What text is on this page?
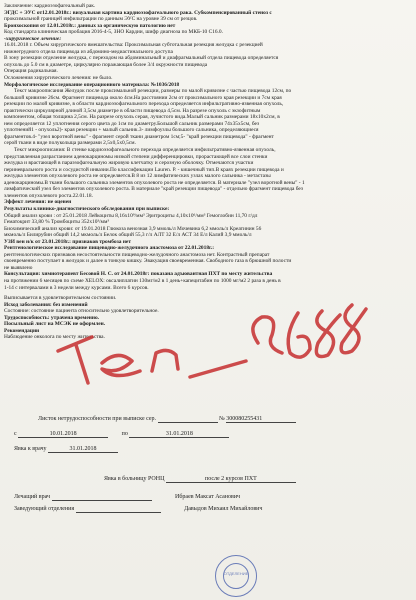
Заключение: кардиоэзофагеальный рак.
ЭГДС + ЭУС от12.01.2018г.: визуальная картина кардиоэзофагеального рака. Субкомпенсированный стеноз с
проксимальной границей инфильтрации по данным ЭУС на уровне 39 см от резцов.
Бронхоскопия от 12.01.2018г.: данных за органическую патологию нет
Код стандарта клиническая пробация 2016-4-5, ЗНО Кардии, шифр диагноза по МКБ-10 С16.0.
-хирургическое лечение:
16.01.2018 г. Объем хирургического вмешательства: Проксимальная субтотальная резекция желудка с резекцией
нижнегрудного отдела пищевода из абдомино-медиастинального доступа
В зону резекции отделение желудка, с переходом на абдоминальный и диафрагмальный отдела пищевода определяется
опухоль до 5.0 см в диаметре, циркулярно поражающая более 3/4 окружности пищевода
Операция радикальная.
Осложнения хирургического лечения: не было.
Морфологическое исследование операционного материала: №1036/2018
Текст макроописания Желудок после проксимальной резекции, размеры по малой кривизне с частью пищевода 12см, по
большой кривизне 26см. Фрагмент пищевода около 4см.На расстоянии 2см от проксимального края резекции и 7см края
резекции по малой кривизне, в области кардиоэзофагеального перехода определяется инфильтративно-язвенная опухоль,
практически циркулярной длиной 3,5см диаметре в области пищевода 4,5см. На разрезе опухоль с экзофитным
компонентом, общая толщина 2,5см. На разрезе опухоль серая, лучистого вида.Малый сальник размерами 18х10х2см, в
нем определяется 12 уплотнения серого цвета до 1см по диаметру.Большой сальник размерами 74х35х5см, без
уплотнений1 - опухоль2)- края резекции + малый сальник.3- лимфоузлы большого сальника, определяющиеся
фрагментов.4- "узел воротной вены" - фрагмент серой ткани диаметром 1см;5- "край резекции пищевода" - фрагмент
серой ткани в виде полуколыца размерами 2,5х0,5х0,5см.
Текст микроописания: В стенке кардиоэзофагеального перехода определяется инфильтративно-язвенная опухоль,
представленная разрастанием аденокарциномы низкой степени дифференцировки, прорастающей все слои стенки
желудка и врастающей в параэзофагеальную жировую клетчатку и серозную оболочку. Отмечаются участки
периневрального роста и сосудистой инвазии.По классификации Lauren. Р. - кишечный тип.В краях резекции пищевода и
желудка элементов опухолевого роста не определяется.В 8 из 12 лимфатических узлах малого сальника - метастазы
аденокарциномы.В ткани большого сальника элементов опухолевого роста не определяется. В материале "узел воротной вены" - 1
лимфатический узел без элементов опухолевого роста. В материале "край резекции пищевода" - отдельно фрагмент пищевода без
элементов опухолевого роста.22.01.18.
Эффект лечения: не оценен
Результаты клинико-диагностического обследования при выписке:
Общий анализ крови : от 25.01.2018 Лейкоциты 8,16х10⁹/мм³ Эритроциты 4,10х10⁶/мм³ Гемоглобин 11,70 г/дл
Гематокрит 33,80 % Тромбоциты 352х10³/мм³
Биохимический анализ крови: от 19.01.2018 Глюкоза венозная 3,9 ммоль/л Мочевина 6,2 ммоль/л Креатинин 56
мкмоль/л Билирубин общий 14,2 мкмоль/л Белок общий 55,3 г/л АЛТ 32 Е/л АСТ 34 Е/л Калий 3,9 ммоль/л
УЗИ вен н/к от 23.01.2018г.: признаков тромбоза нет
Рентгенологическое исследование пищеводно-желудочного анастомоза от 22.01.2018г.:
рентгенологических признаков несостоятельности пищеводно-желудочного анастомоза нет. Контрастный препарат
своевременно поступает в желудок и далее в тонкую кишку. Эвакуация своевременная. Свободного газа в брюшной полости
не выявлено
Консультация: химиотерапевт Бесовой Н. С. от 24.01.2018г: показана адъювантная ПХТ по месту жительства
на протяжении 6 месяцев по схеме XELOX: оксалиплатин 130мг/м2 в 1 день+капецитабин по 1000 мг/м2 2 раза в день в
1-14 с интервалами в 3 недели между курсами. Всего 6 курсов.
Выписывается в удовлетворительном состоянии.
Исход заболевания: без изменений
Состояние: состояние пациента относительно удовлетворительное.
Трудоспособность: утрачена временно.
Посыльный лист на МСЭК не оформлен.
Рекомендации
Наблюдение онколога по месту жительства.
Листок нетрудоспособности при выписке сер.	№ 300080255431
с	10.01.2018	по	31.01.2018
Явка к врачу	31.01.2018
Явка в больницу РОНЦ	после 2 курсов ПХТ
Лечащий врач	Ибраев Максат Асанович
Заведующий отделения	Давыдов Михаил Михайлович
ОТДЕЛЕНИЕ
